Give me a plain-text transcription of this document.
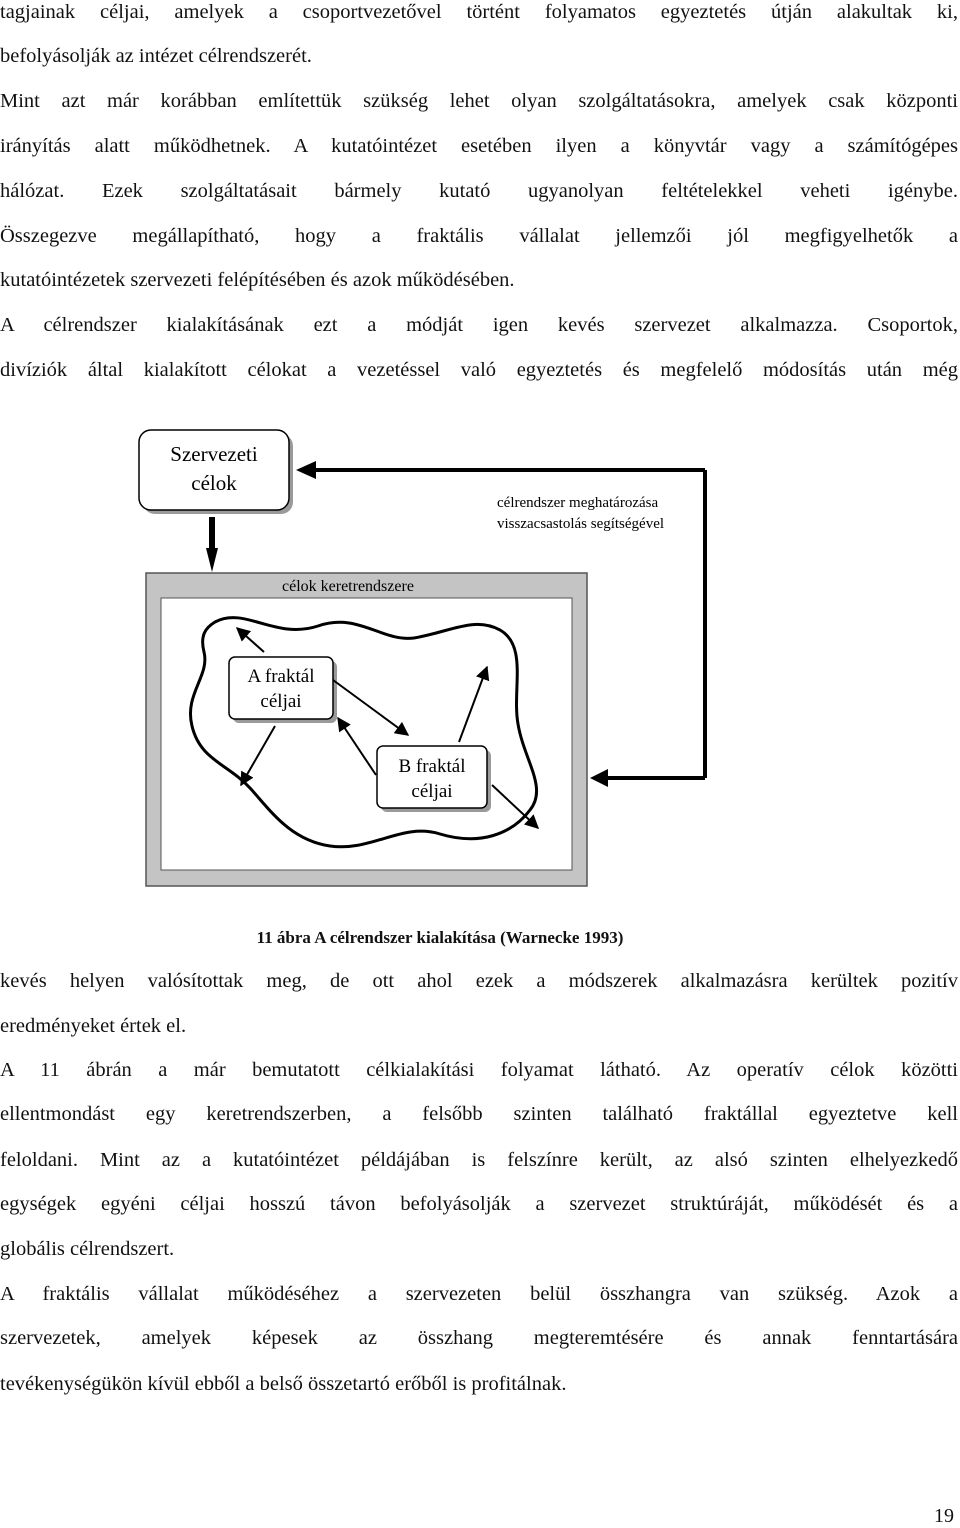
tagjainak céljai, amelyek a csoportvezetővel történt folyamatos egyeztetés útján alakultak ki,
befolyásolják az intézet célrendszerét.
Mint azt már korábban említettük szükség lehet olyan szolgáltatásokra, amelyek csak központi
irányítás alatt működhetnek. A kutatóintézet esetében ilyen a könyvtár vagy a számítógépes
hálózat. Ezek szolgáltatásait bármely kutató ugyanolyan feltételekkel veheti igénybe.
Összegezve megállapítható, hogy a fraktális vállalat jellemzői jól megfigyelhetők a
kutatóintézetek szervezeti felépítésében és azok működésében.
A célrendszer kialakításának ezt a módját igen kevés szervezet alkalmazza. Csoportok,
divíziók által kialakított célokat a vezetéssel való egyeztetés és megfelelő módosítás után még
Szervezeti
célok
célrendszer meghatározása
visszacsastolás segítségével
célok keretrendszere
A fraktál
céljai
B fraktál
céljai
11 ábra A célrendszer kialakítása (Warnecke 1993)
kevés helyen valósítottak meg, de ott ahol ezek a módszerek alkalmazásra kerültek pozitív
eredményeket értek el.
A 11 ábrán a már bemutatott célkialakítási folyamat látható. Az operatív célok közötti
ellentmondást egy keretrendszerben, a felsőbb szinten található fraktállal egyeztetve kell
feloldani. Mint az a kutatóintézet példájában is felszínre került, az alsó szinten elhelyezkedő
egységek egyéni céljai hosszú távon befolyásolják a szervezet struktúráját, működését és a
globális célrendszert.
A fraktális vállalat működéséhez a szervezeten belül összhangra van szükség. Azok a
szervezetek, amelyek képesek az összhang megteremtésére és annak fenntartására
tevékenységükön kívül ebből a belső összetartó erőből is profitálnak.
19
